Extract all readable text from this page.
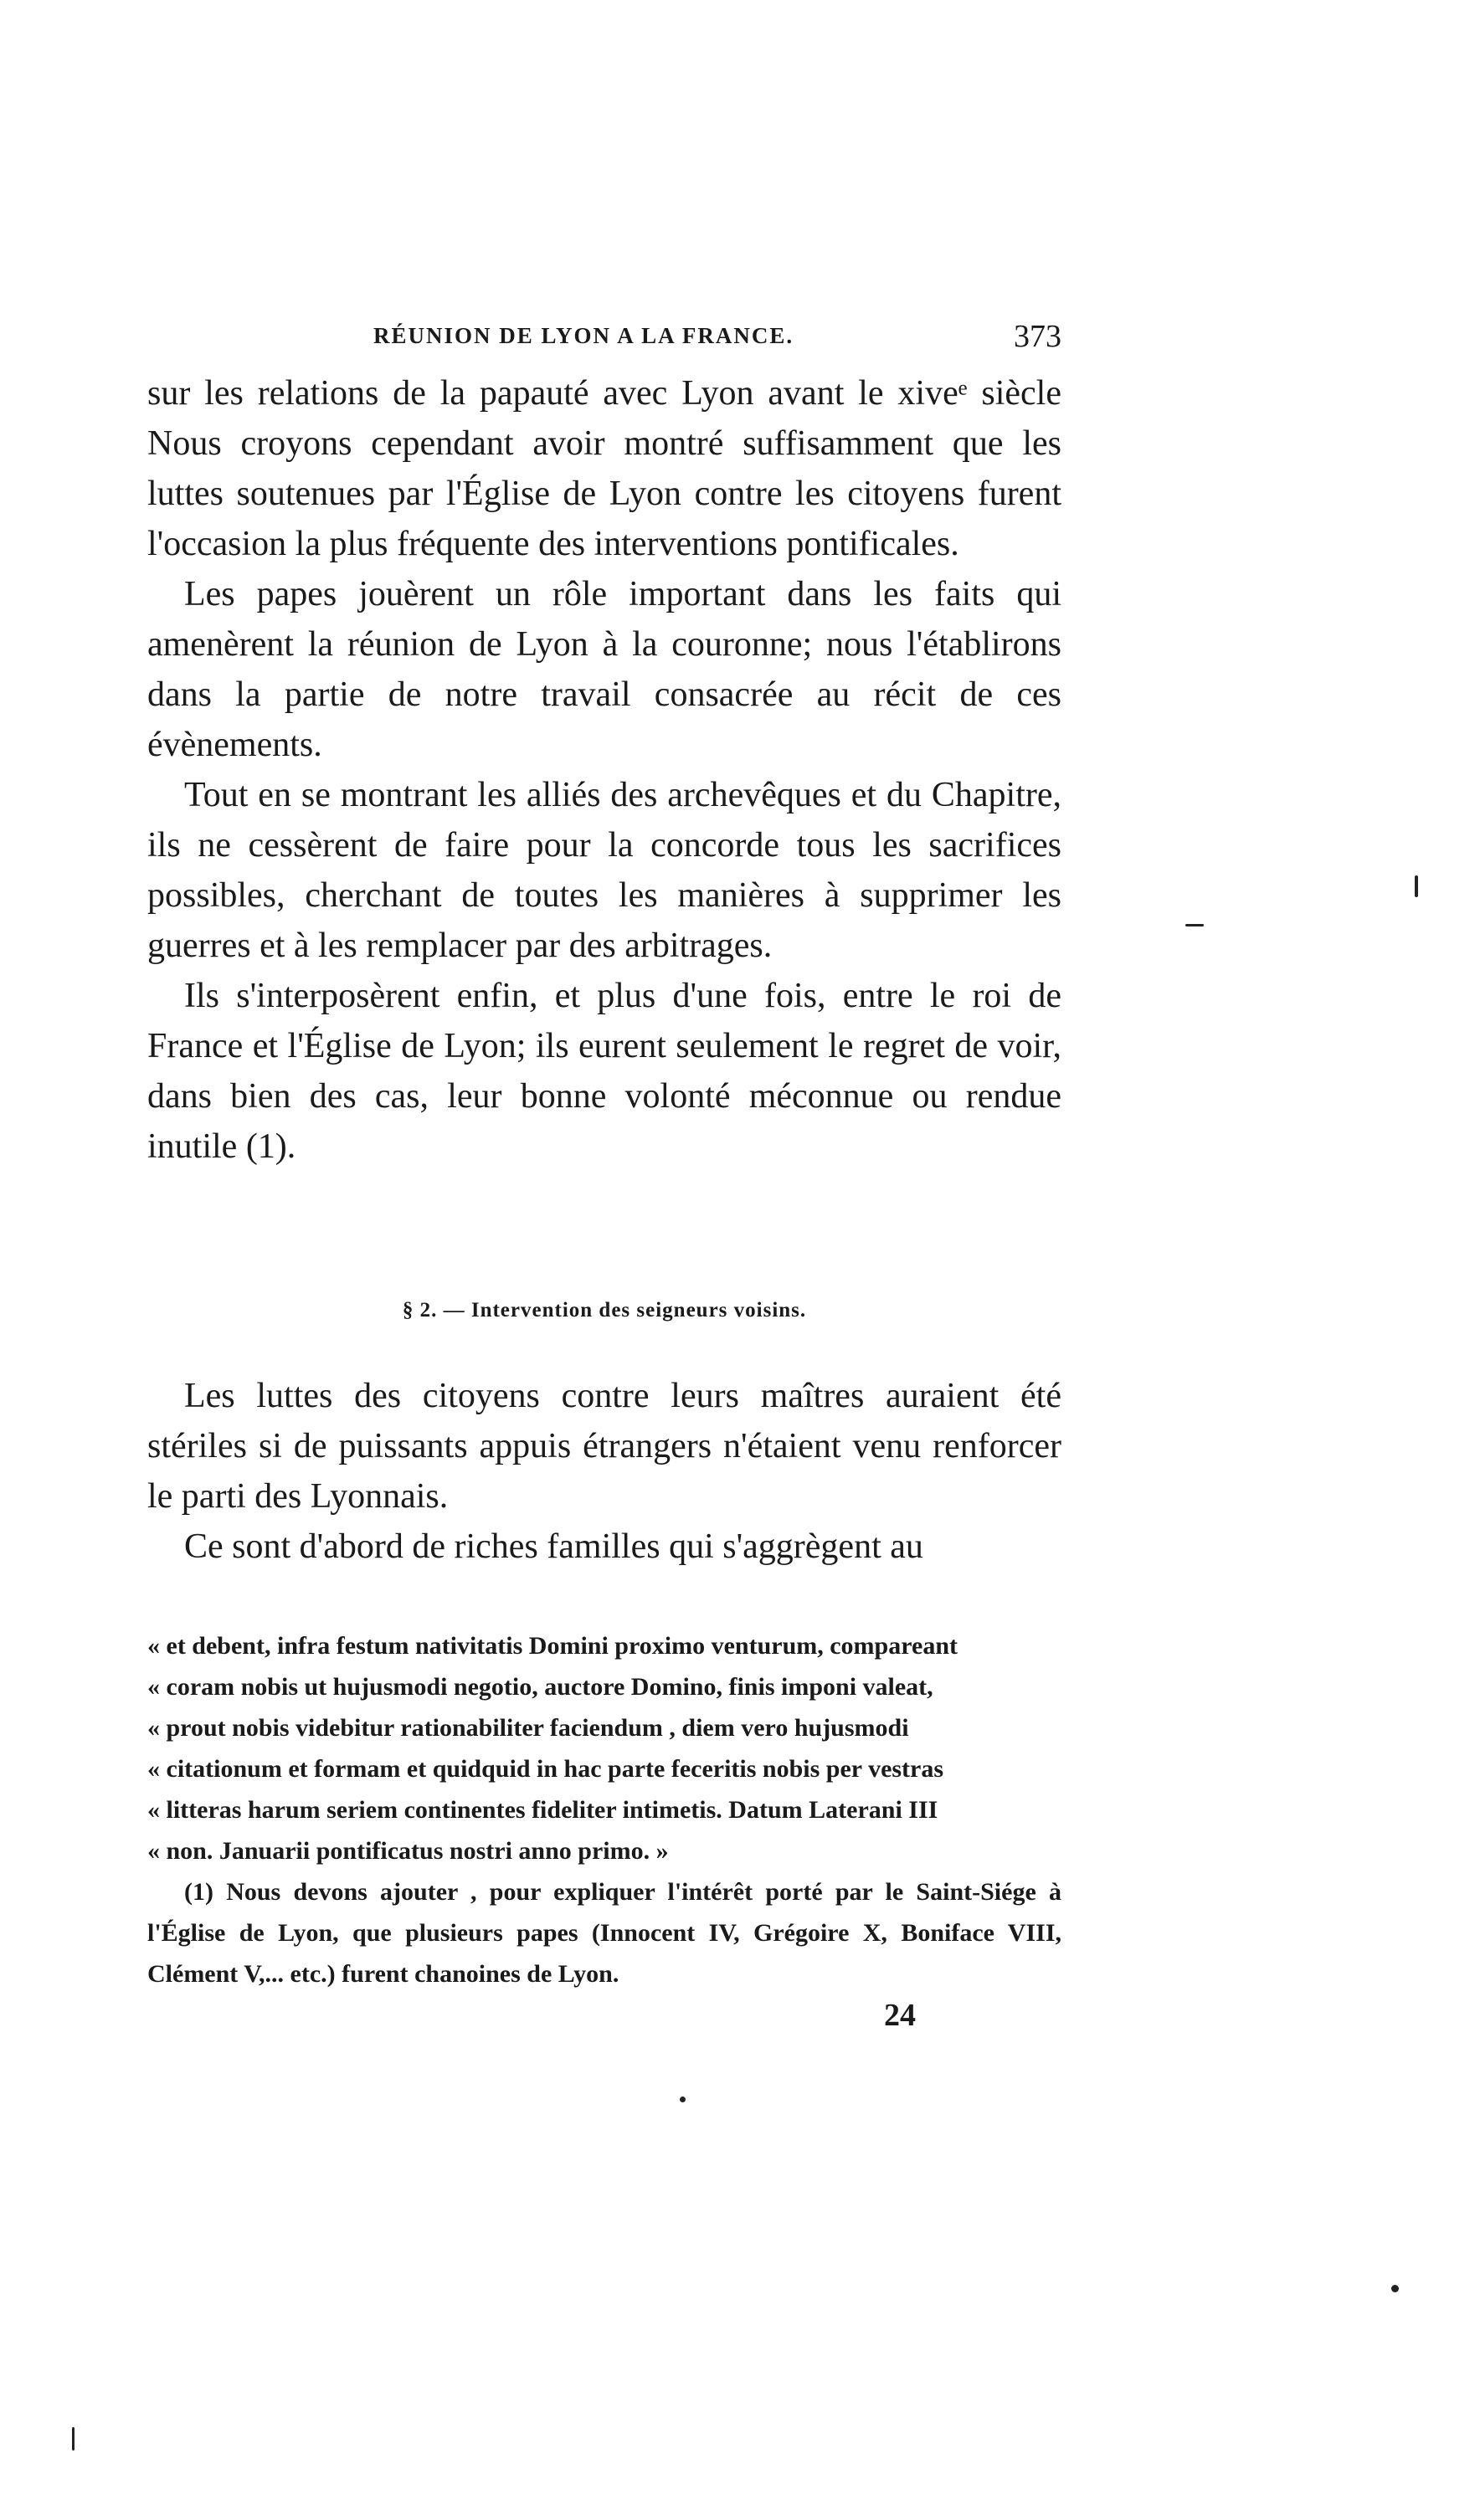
RÉUNION DE LYON A LA FRANCE.	373

sur les relations de la papauté avec Lyon avant le xiveᵉ siècle Nous croyons cependant avoir montré suffisamment que les luttes soutenues par l'Église de Lyon contre les citoyens furent l'occasion la plus fréquente des interventions pontificales.

Les papes jouèrent un rôle important dans les faits qui amenèrent la réunion de Lyon à la couronne; nous l'établirons dans la partie de notre travail consacrée au récit de ces évènements.

Tout en se montrant les alliés des archevêques et du Chapitre, ils ne cessèrent de faire pour la concorde tous les sacrifices possibles, cherchant de toutes les manières à supprimer les guerres et à les remplacer par des arbitrages.

Ils s'interposèrent enfin, et plus d'une fois, entre le roi de France et l'Église de Lyon; ils eurent seulement le regret de voir, dans bien des cas, leur bonne volonté méconnue ou rendue inutile (1).

§ 2. — Intervention des seigneurs voisins.

Les luttes des citoyens contre leurs maîtres auraient été stériles si de puissants appuis étrangers n'étaient venu renforcer le parti des Lyonnais.

Ce sont d'abord de riches familles qui s'aggrègent au

« et debent, infra festum nativitatis Domini proximo venturum, compareant

« coram nobis ut hujusmodi negotio, auctore Domino, finis imponi valeat,

« prout nobis videbitur rationabiliter faciendum , diem vero hujusmodi

« citationum et formam et quidquid in hac parte feceritis nobis per vestras

« litteras harum seriem continentes fideliter intimetis. Datum Laterani III

« non. Januarii pontificatus nostri anno primo. »

(1) Nous devons ajouter , pour expliquer l'intérêt porté par le Saint-Siége à l'Église de Lyon, que plusieurs papes (Innocent IV, Grégoire X, Boniface VIII, Clément V,... etc.) furent chanoines de Lyon.

24
